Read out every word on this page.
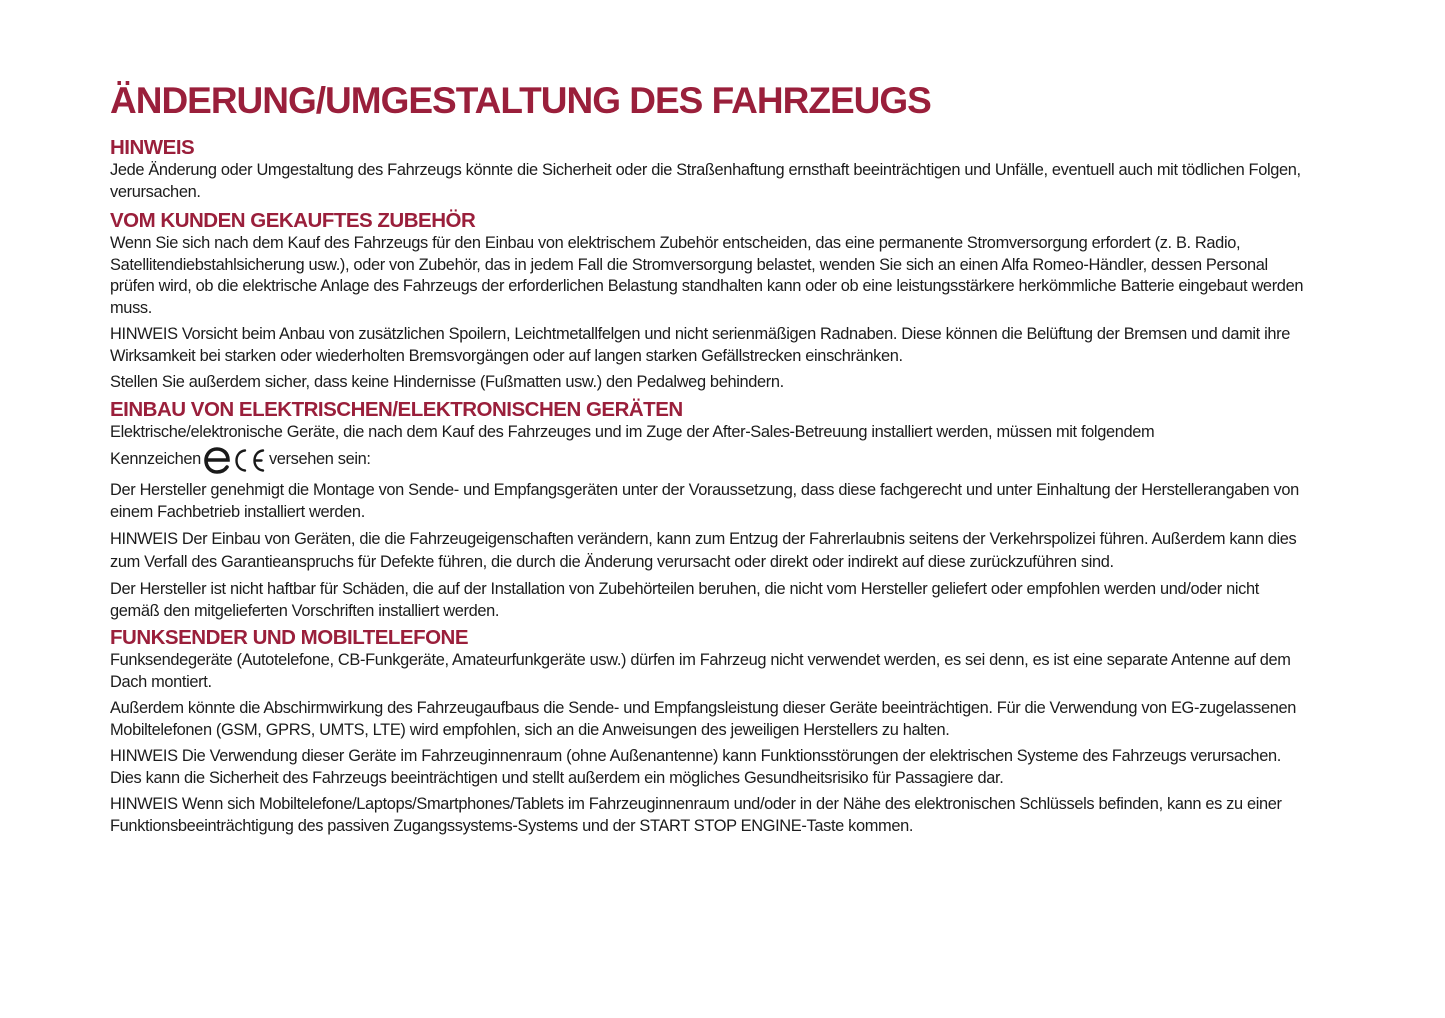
ÄNDERUNG/UMGESTALTUNG DES FAHRZEUGS
HINWEIS

Jede Änderung oder Umgestaltung des Fahrzeugs könnte die Sicherheit oder die Straßenhaftung ernsthaft beeinträchtigen und Unfälle, eventuell auch mit tödlichen Folgen, verursachen.

VOM KUNDEN GEKAUFTES ZUBEHÖR

Wenn Sie sich nach dem Kauf des Fahrzeugs für den Einbau von elektrischem Zubehör entscheiden, das eine permanente Stromversorgung erfordert (z. B. Radio, Satellitendiebstahlsicherung usw.), oder von Zubehör, das in jedem Fall die Stromversorgung belastet, wenden Sie sich an einen Alfa Romeo-Händler, dessen Personal prüfen wird, ob die elektrische Anlage des Fahrzeugs der erforderlichen Belastung standhalten kann oder ob eine leistungsstärkere herkömmliche Batterie eingebaut werden muss.

HINWEIS Vorsicht beim Anbau von zusätzlichen Spoilern, Leichtmetallfelgen und nicht serienmäßigen Radnaben. Diese können die Belüftung der Bremsen und damit ihre Wirksamkeit bei starken oder wiederholten Bremsvorgängen oder auf langen starken Gefällstrecken einschränken.

Stellen Sie außerdem sicher, dass keine Hindernisse (Fußmatten usw.) den Pedalweg behindern.

EINBAU VON ELEKTRISCHEN/ELEKTRONISCHEN GERÄTEN

Elektrische/elektronische Geräte, die nach dem Kauf des Fahrzeuges und im Zuge der After-Sales-Betreuung installiert werden, müssen mit folgendem

Kennzeichen	versehen sein:

Der Hersteller genehmigt die Montage von Sende- und Empfangsgeräten unter der Voraussetzung, dass diese fachgerecht und unter Einhaltung der Herstellerangaben von einem Fachbetrieb installiert werden.

HINWEIS Der Einbau von Geräten, die die Fahrzeugeigenschaften verändern, kann zum Entzug der Fahrerlaubnis seitens der Verkehrspolizei führen. Außerdem kann dies zum Verfall des Garantieanspruchs für Defekte führen, die durch die Änderung verursacht oder direkt oder indirekt auf diese zurückzuführen sind.

Der Hersteller ist nicht haftbar für Schäden, die auf der Installation von Zubehörteilen beruhen, die nicht vom Hersteller geliefert oder empfohlen werden und/oder nicht gemäß den mitgelieferten Vorschriften installiert werden.

FUNKSENDER UND MOBILTELEFONE

Funksendegeräte (Autotelefone, CB-Funkgeräte, Amateurfunkgeräte usw.) dürfen im Fahrzeug nicht verwendet werden, es sei denn, es ist eine separate Antenne auf dem Dach montiert.

Außerdem könnte die Abschirmwirkung des Fahrzeugaufbaus die Sende- und Empfangsleistung dieser Geräte beeinträchtigen. Für die Verwendung von EG-zugelassenen Mobiltelefonen (GSM, GPRS, UMTS, LTE) wird empfohlen, sich an die Anweisungen des jeweiligen Herstellers zu halten.

HINWEIS Die Verwendung dieser Geräte im Fahrzeuginnenraum (ohne Außenantenne) kann Funktionsstörungen der elektrischen Systeme des Fahrzeugs verursachen. Dies kann die Sicherheit des Fahrzeugs beeinträchtigen und stellt außerdem ein mögliches Gesundheitsrisiko für Passagiere dar.

HINWEIS Wenn sich Mobiltelefone/Laptops/Smartphones/Tablets im Fahrzeuginnenraum und/oder in der Nähe des elektronischen Schlüssels befinden, kann es zu einer Funktionsbeeinträchtigung des passiven Zugangssystems-Systems und der START STOP ENGINE-Taste kommen.
